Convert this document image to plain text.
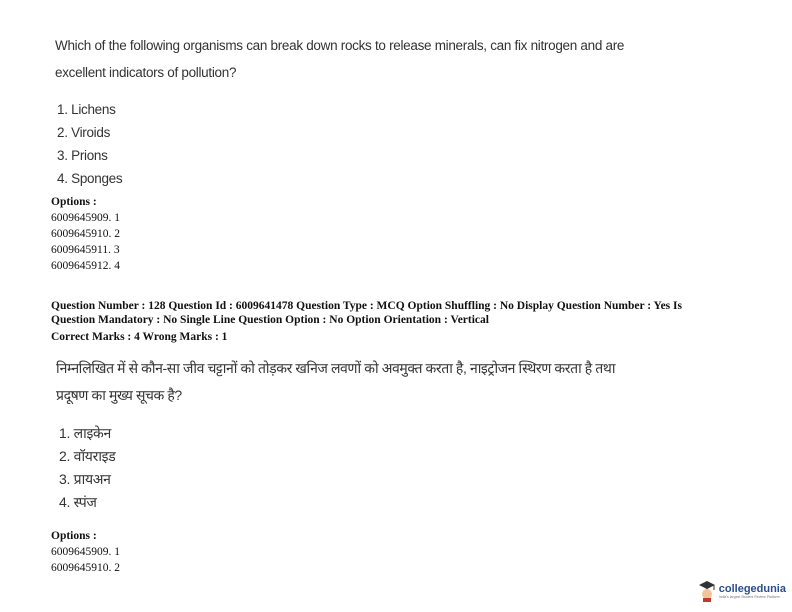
Which of the following organisms can break down rocks to release minerals, can fix nitrogen and are
excellent indicators of pollution?
1. Lichens
2. Viroids
3. Prions
4. Sponges
Options :
6009645909. 1
6009645910. 2
6009645911. 3
6009645912. 4
Question Number : 128 Question Id : 6009641478 Question Type : MCQ Option Shuffling : No Display Question Number : Yes Is
Question Mandatory : No Single Line Question Option : No Option Orientation : Vertical
Correct Marks : 4 Wrong Marks : 1
निम्नलिखित में से कौन-सा जीव चट्टानों को तोड़कर खनिज लवणों को अवमुक्त करता है, नाइट्रोजन स्थिरण करता है तथा
प्रदूषण का मुख्य सूचक है?
1. लाइकेन
2. वॉयराइड
3. प्रायअन
4. स्पंज
Options :
6009645909. 1
6009645910. 2
collegedunia
India's largest Student Review Platform
